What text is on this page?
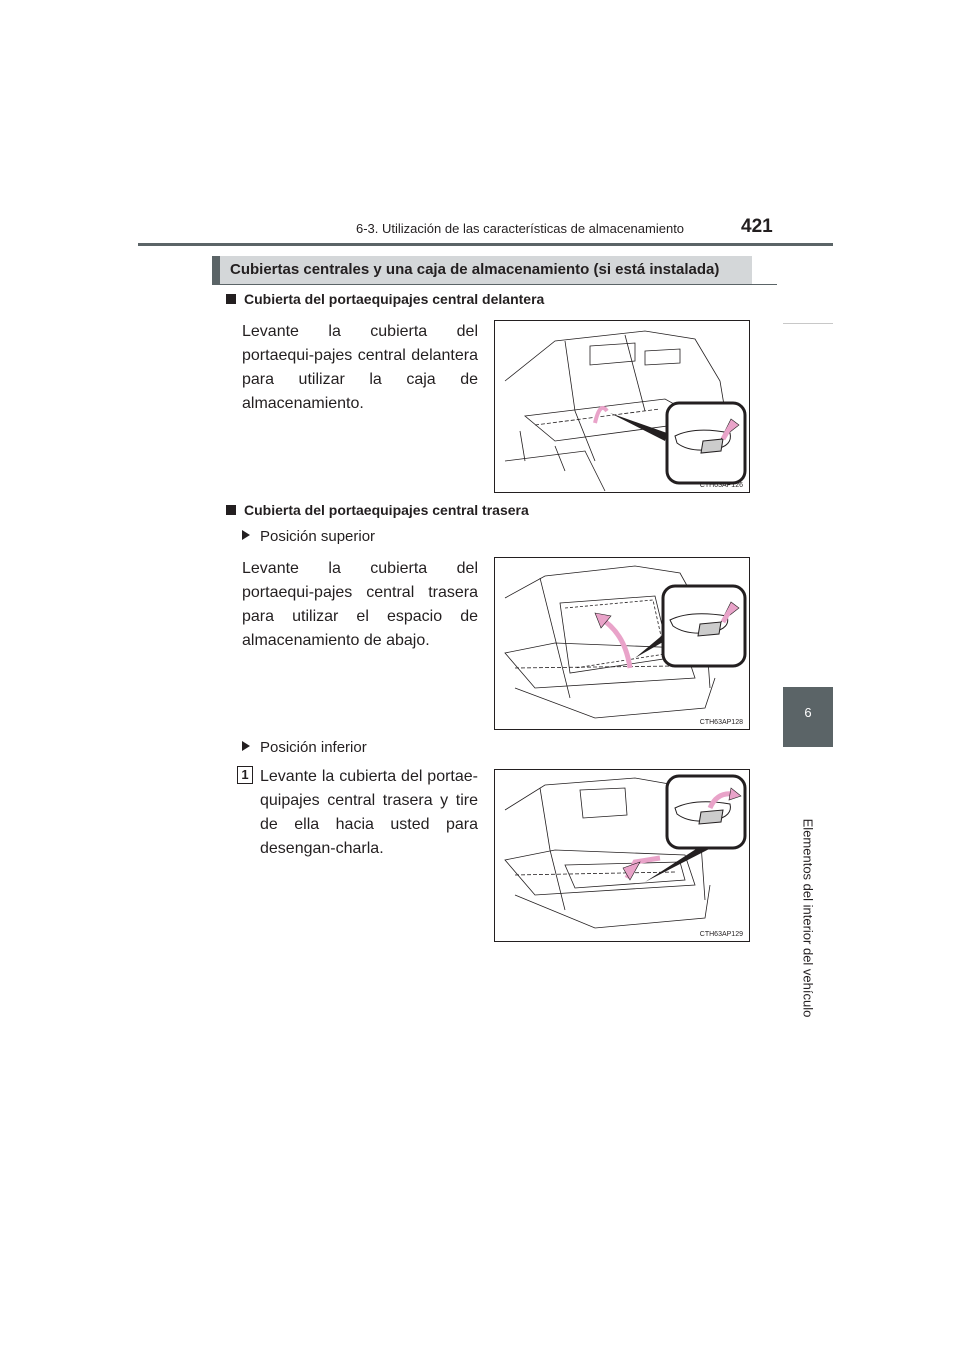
6-3. Utilización de las características de almacenamiento	421
6
Elementos del interior del vehículo
Cubiertas centrales y una caja de almacenamiento (si está instalada)
Cubierta del portaequipajes central delantera
Levante la cubierta del portaequi-pajes central delantera para utilizar la caja de almacenamiento.
CTH63AP126
Cubierta del portaequipajes central trasera
Posición superior
Levante la cubierta del portaequi-pajes central trasera para utilizar el espacio de almacenamiento de abajo.
CTH63AP128
Posición inferior
1 Levante la cubierta del portae-quipajes central trasera y tire de ella hacia usted para desengan-charla.
CTH63AP129
